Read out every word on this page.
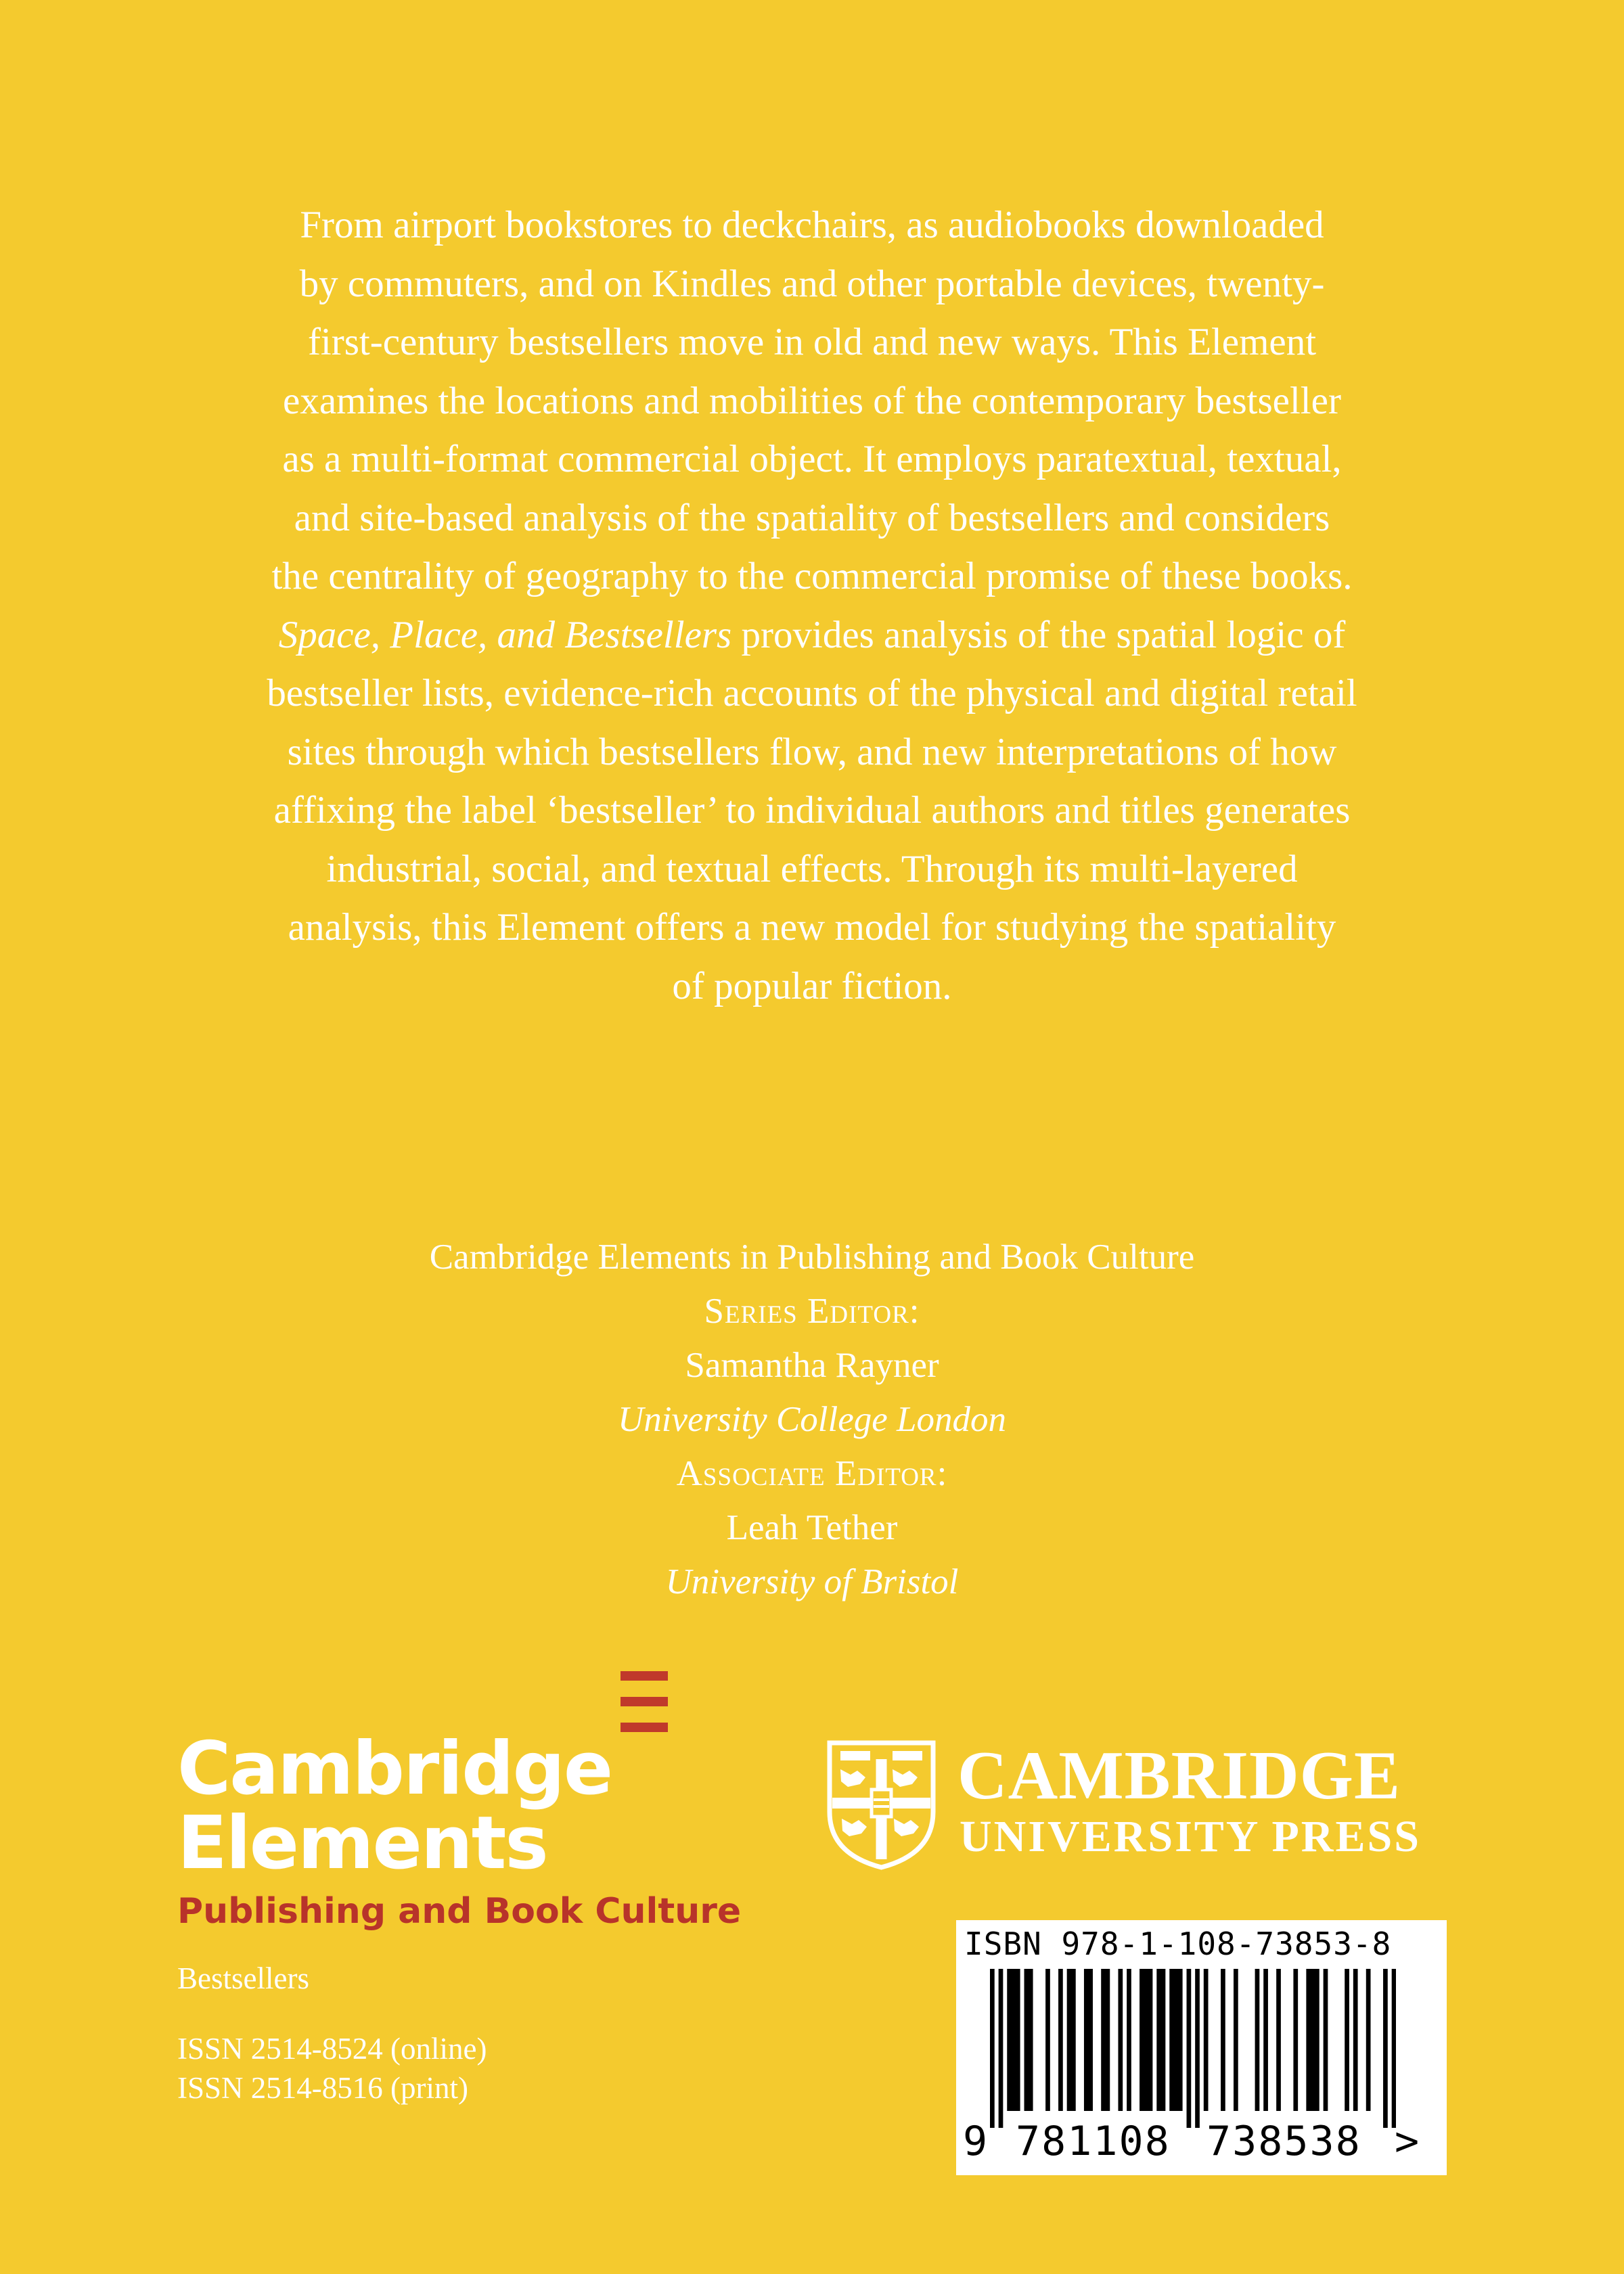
From airport bookstores to deckchairs, as audiobooks downloaded
by commuters, and on Kindles and other portable devices, twenty-
first-century bestsellers move in old and new ways. This Element
examines the locations and mobilities of the contemporary bestseller
as a multi-format commercial object. It employs paratextual, textual,
and site-based analysis of the spatiality of bestsellers and considers
the centrality of geography to the commercial promise of these books.
Space, Place, and Bestsellers provides analysis of the spatial logic of
bestseller lists, evidence-rich accounts of the physical and digital retail
sites through which bestsellers flow, and new interpretations of how
affixing the label ‘bestseller’ to individual authors and titles generates
industrial, social, and textual effects. Through its multi-layered
analysis, this Element offers a new model for studying the spatiality
of popular fiction.
Cambridge Elements in Publishing and Book Culture
Series Editor:
Samantha Rayner
University College London
Associate Editor:
Leah Tether
University of Bristol
Cambridge
Elements
Publishing and Book Culture
Bestsellers
ISSN 2514-8524 (online)
ISSN 2514-8516 (print)
CAMBRIDGE
UNIVERSITY PRESS
ISBN 978-1-108-73853-8
9 781108 738538 >
